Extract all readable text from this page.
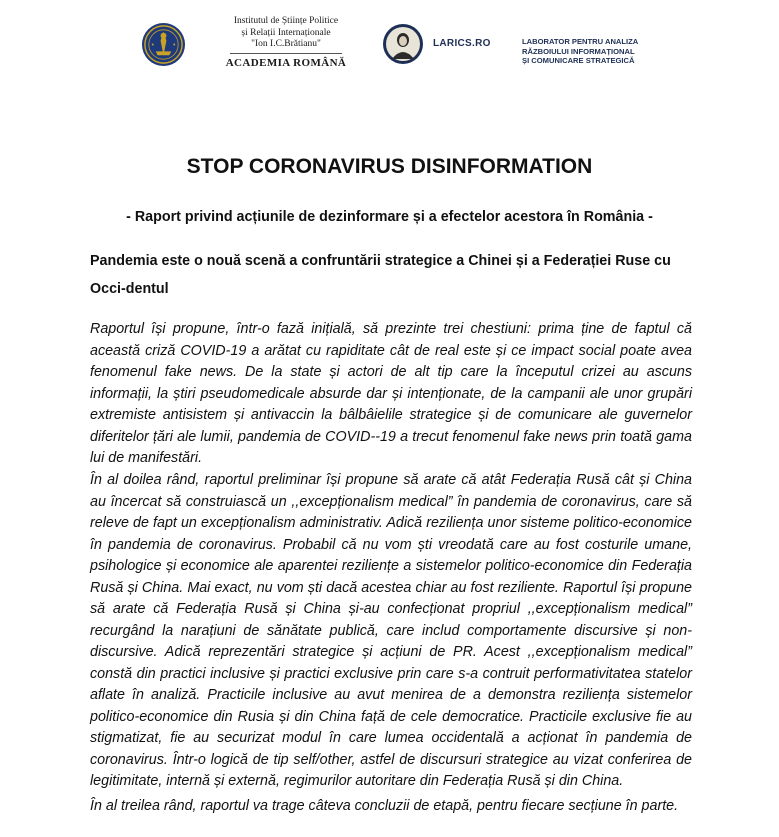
Institutul de Științe Politice
și Relații Internaționale
"Ion I.C.Brătianu"
ACADEMIA ROMÂNĂ
LARICS.RO	LABORATOR PENTRU ANALIZA
RĂZBOIULUI INFORMAȚIONAL
ȘI COMUNICARE STRATEGICĂ
STOP CORONAVIRUS DISINFORMATION
- Raport privind acțiunile de dezinformare și a efectelor acestora în România -
Pandemia este o nouă scenă a confruntării strategice a Chinei și a Federației Ruse cu Occi-dentul

Raportul își propune, într-o fază inițială, să prezinte trei chestiuni: prima ține de faptul că această criză COVID-19 a arătat cu rapiditate cât de real este și ce impact social poate avea fenomenul fake news. De la state și actori de alt tip care la începutul crizei au ascuns informații, la știri pseudomedicale absurde dar și intenționate, de la campanii ale unor grupări extremiste antisistem și antivaccin la bâlbâielile strategice și de comunicare ale guvernelor diferitelor țări ale lumii, pandemia de COVID--19 a trecut fenomenul fake news prin toată gama lui de manifestări.

În al doilea rând, raportul preliminar își propune să arate că atât Federația Rusă cât și China au încercat să construiască un ,,excepționalism medical” în pandemia de coronavirus, care să releve de fapt un excepționalism administrativ. Adică reziliența unor sisteme politico-economice în pandemia de coronavirus. Probabil că nu vom ști vreodată care au fost costurile umane, psihologice și economice ale aparentei reziliențe a sistemelor politico-economice din Federația Rusă și China. Mai exact, nu vom ști dacă acestea chiar au fost reziliente. Raportul își propune să arate că Federația Rusă și China și-au confecționat propriul ,,excepționalism medical” recurgând la narațiuni de sănătate publică, care includ comportamente discursive și non-discursive. Adică reprezentări strategice și acțiuni de PR. Acest ,,excepționalism medical” constă din practici inclusive și practici exclusive prin care s-a contruit performativitatea statelor aflate în analiză. Practicile inclusive au avut menirea de a demonstra reziliența sistemelor politico-economice din Rusia și din China față de cele democratice. Practicile exclusive fie au stigmatizat, fie au securizat modul în care lumea occidentală a acționat în pandemia de coronavirus. Într-o logică de tip self/other, astfel de discursuri strategice au vizat conferirea de legitimitate, internă și externă, regimurilor autoritare din Federația Rusă și din China.

În al treilea rând, raportul va trage câteva concluzii de etapă, pentru fiecare secțiune în parte.
